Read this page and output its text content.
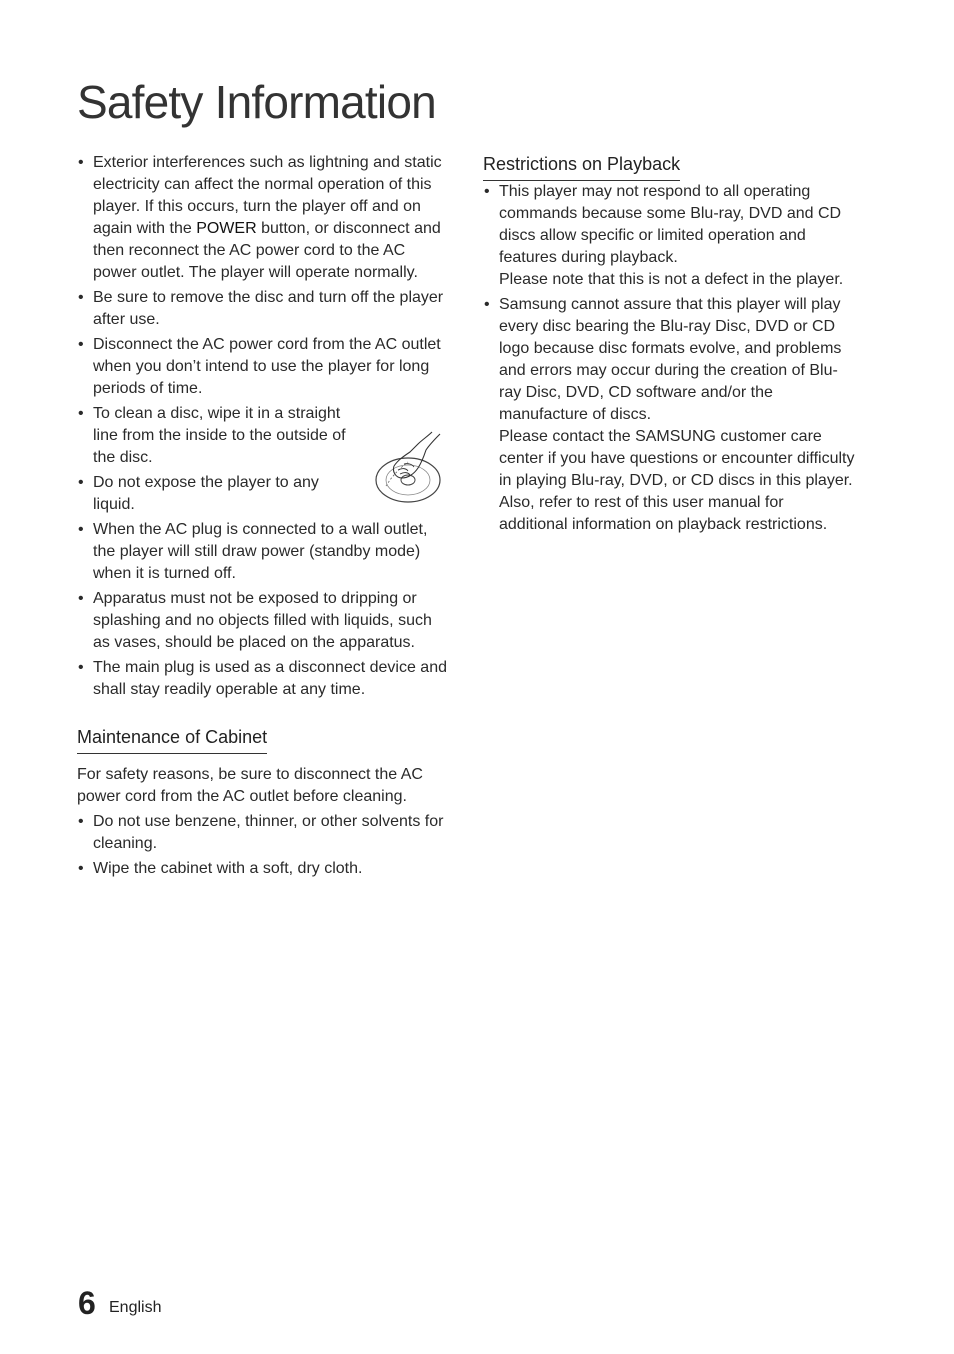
Safety Information
• Exterior interferences such as lightning and static electricity can affect the normal operation of this player. If this occurs, turn the player off and on again with the POWER button, or disconnect and then reconnect the AC power cord to the AC power outlet. The player will operate normally.
• Be sure to remove the disc and turn off the player after use.
• Disconnect the AC power cord from the AC outlet when you don’t intend to use the player for long periods of time.
• To clean a disc, wipe it in a straight line from the inside to the outside of the disc.
• Do not expose the player to any liquid.
• When the AC plug is connected to a wall outlet, the player will still draw power (standby mode) when it is turned off.
• Apparatus must not be exposed to dripping or splashing and no objects filled with liquids, such as vases, should be placed on the apparatus.
• The main plug is used as a disconnect device and shall stay readily operable at any time.
Maintenance of Cabinet

For safety reasons, be sure to disconnect the AC power cord from the AC outlet before cleaning.

• Do not use benzene, thinner, or other solvents for cleaning.
• Wipe the cabinet with a soft, dry cloth.
Restrictions on Playback
• This player may not respond to all operating commands because some Blu-ray, DVD and CD discs allow specific or limited operation and features during playback.
Please note that this is not a defect in the player.
• Samsung cannot assure that this player will play every disc bearing the Blu-ray Disc, DVD or CD logo because disc formats evolve, and problems and errors may occur during the creation of Blu-ray Disc, DVD, CD software and/or the manufacture of discs.
Please contact the SAMSUNG customer care center if you have questions or encounter difficulty in playing Blu-ray, DVD, or CD discs in this player. Also, refer to rest of this user manual for additional information on playback restrictions.
6 English
